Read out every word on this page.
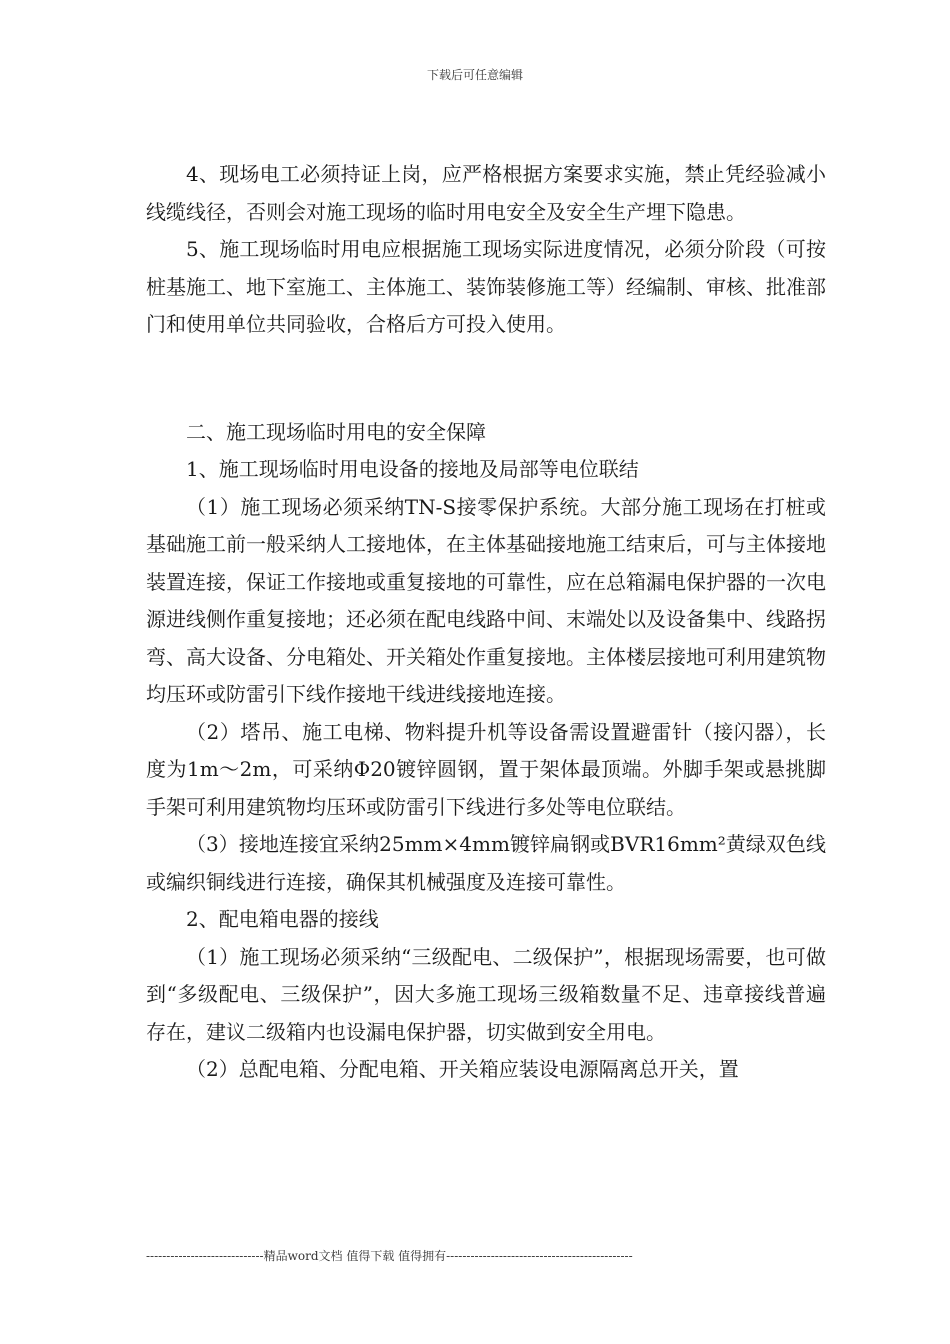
下载后可任意编辑

4、现场电工必须持证上岗，应严格根据方案要求实施，禁止凭经验减小线缆线径，否则会对施工现场的临时用电安全及安全生产埋下隐患。

5、施工现场临时用电应根据施工现场实际进度情况，必须分阶段（可按桩基施工、地下室施工、主体施工、装饰装修施工等）经编制、审核、批准部门和使用单位共同验收，合格后方可投入使用。

二、施工现场临时用电的安全保障

1、施工现场临时用电设备的接地及局部等电位联结

（1）施工现场必须采纳TN-S接零保护系统。大部分施工现场在打桩或基础施工前一般采纳人工接地体，在主体基础接地施工结束后，可与主体接地装置连接，保证工作接地或重复接地的可靠性，应在总箱漏电保护器的一次电源进线侧作重复接地；还必须在配电线路中间、末端处以及设备集中、线路拐弯、高大设备、分电箱处、开关箱处作重复接地。主体楼层接地可利用建筑物均压环或防雷引下线作接地干线进线接地连接。

（2）塔吊、施工电梯、物料提升机等设备需设置避雷针（接闪器），长度为1m～2m，可采纳Φ20镀锌圆钢，置于架体最顶端。外脚手架或悬挑脚手架可利用建筑物均压环或防雷引下线进行多处等电位联结。

（3）接地连接宜采纳25mm×4mm镀锌扁钢或BVR16mm²黄绿双色线或编织铜线进行连接，确保其机械强度及连接可靠性。

2、配电箱电器的接线

（1）施工现场必须采纳“三级配电、二级保护”，根据现场需要，也可做到“多级配电、三级保护”，因大多施工现场三级箱数量不足、违章接线普遍存在，建议二级箱内也设漏电保护器，切实做到安全用电。

（2）总配电箱、分配电箱、开关箱应装设电源隔离总开关，置

-----------------------------精品word文档 值得下载 值得拥有----------------------------------------------
